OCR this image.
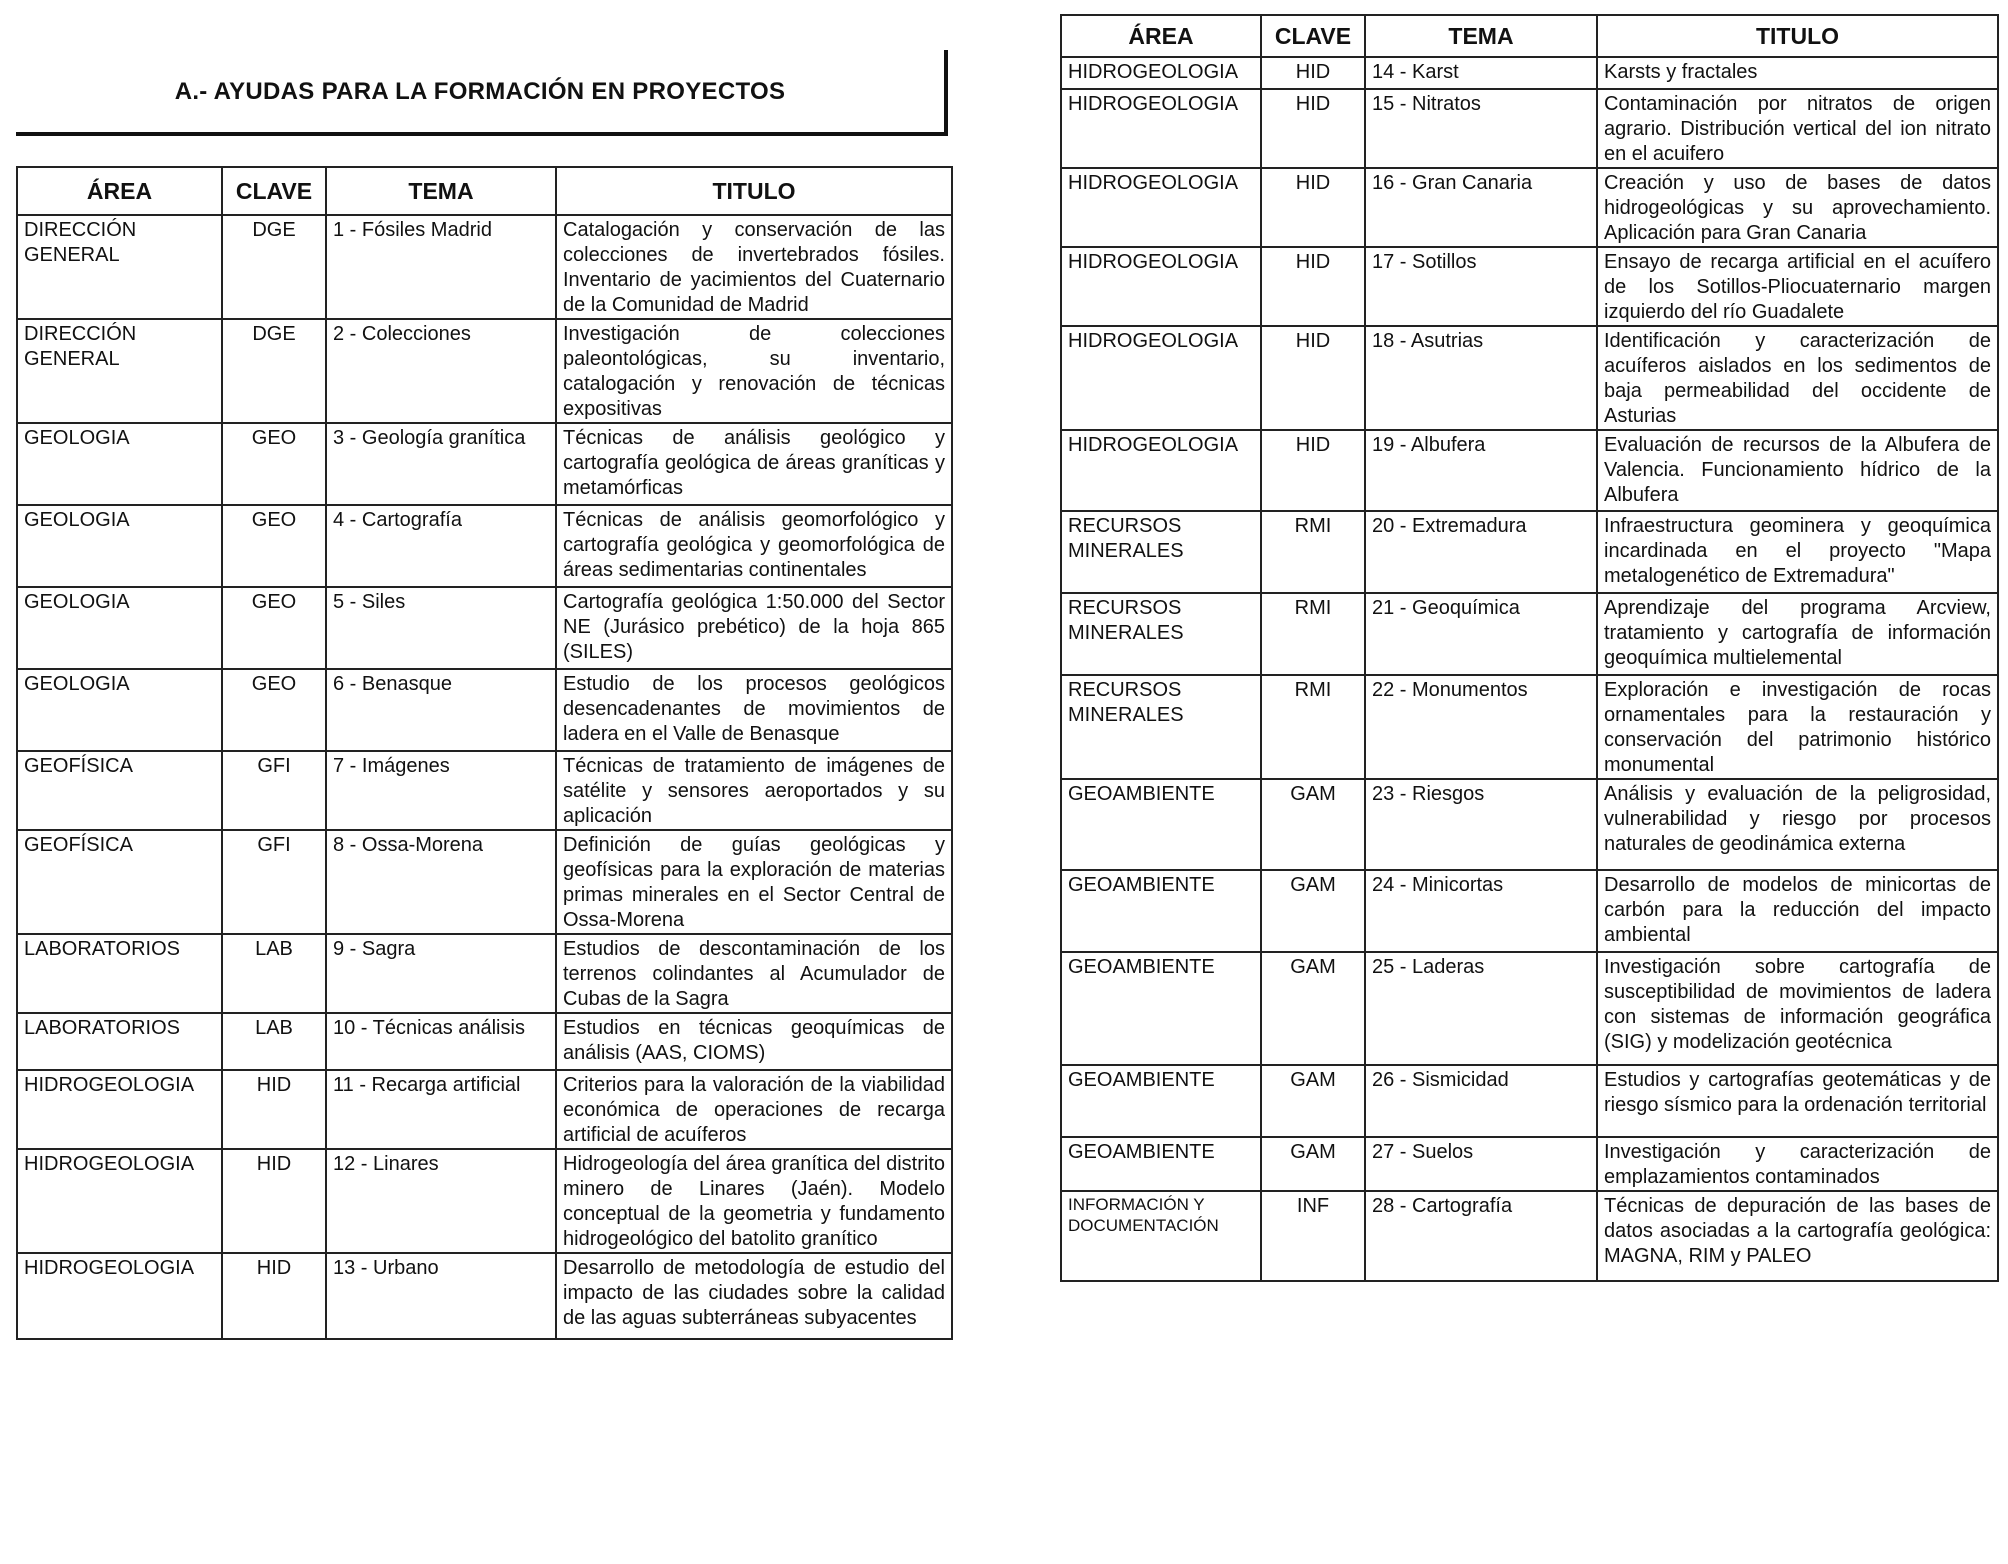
A.- AYUDAS PARA LA FORMACIÓN EN PROYECTOS
ÁREA	CLAVE	TEMA	TITULO
DIRECCIÓN GENERAL	DGE	1 - Fósiles Madrid	Catalogación y conservación de las colecciones de invertebrados fósiles. Inventario de yacimientos del Cuaternario de la Comunidad de Madrid
DIRECCIÓN GENERAL	DGE	2 - Colecciones	Investigación de colecciones paleontológicas, su inventario, catalogación y renovación de técnicas expositivas
GEOLOGIA	GEO	3 - Geología granítica	Técnicas de análisis geológico y cartografía geológica de áreas graníticas y metamórficas
GEOLOGIA	GEO	4 - Cartografía	Técnicas de análisis geomorfológico y cartografía geológica y geomorfológica de áreas sedimentarias continentales
GEOLOGIA	GEO	5 - Siles	Cartografía geológica 1:50.000 del Sector NE (Jurásico prebético) de la hoja 865 (SILES)
GEOLOGIA	GEO	6 - Benasque	Estudio de los procesos geológicos desencadenantes de movimientos de ladera en el Valle de Benasque
GEOFÍSICA	GFI	7 - Imágenes	Técnicas de tratamiento de imágenes de satélite y sensores aeroportados y su aplicación
GEOFÍSICA	GFI	8 - Ossa-Morena	Definición de guías geológicas y geofísicas para la exploración de materias primas minerales en el Sector Central de Ossa-Morena
LABORATORIOS	LAB	9 - Sagra	Estudios de descontaminación de los terrenos colindantes al Acumulador de Cubas de la Sagra
LABORATORIOS	LAB	10 - Técnicas análisis	Estudios en técnicas geoquímicas de análisis (AAS, CIOMS)
HIDROGEOLOGIA	HID	11 - Recarga artificial	Criterios para la valoración de la viabilidad económica de operaciones de recarga artificial de acuíferos
HIDROGEOLOGIA	HID	12 - Linares	Hidrogeología del área granítica del distrito minero de Linares (Jaén). Modelo conceptual de la geometria y fundamento hidrogeológico del batolito granítico
HIDROGEOLOGIA	HID	13 - Urbano	Desarrollo de metodología de estudio del impacto de las ciudades sobre la calidad de las aguas subterráneas subyacentes
ÁREA	CLAVE	TEMA	TITULO
HIDROGEOLOGIA	HID	14 - Karst	Karsts y fractales
HIDROGEOLOGIA	HID	15 - Nitratos	Contaminación por nitratos de origen agrario. Distribución vertical del ion nitrato en el acuifero
HIDROGEOLOGIA	HID	16 - Gran Canaria	Creación y uso de bases de datos hidrogeológicas y su aprovechamiento. Aplicación para Gran Canaria
HIDROGEOLOGIA	HID	17 - Sotillos	Ensayo de recarga artificial en el acuífero de los Sotillos-Pliocuaternario margen izquierdo del río Guadalete
HIDROGEOLOGIA	HID	18 - Asutrias	Identificación y caracterización de acuíferos aislados en los sedimentos de baja permeabilidad del occidente de Asturias
HIDROGEOLOGIA	HID	19 - Albufera	Evaluación de recursos de la Albufera de Valencia. Funcionamiento hídrico de la Albufera
RECURSOS MINERALES	RMI	20 - Extremadura	Infraestructura geominera y geoquímica incardinada en el proyecto "Mapa metalogenético de Extremadura"
RECURSOS MINERALES	RMI	21 - Geoquímica	Aprendizaje del programa Arcview, tratamiento y cartografía de información geoquímica multielemental
RECURSOS MINERALES	RMI	22 - Monumentos	Exploración e investigación de rocas ornamentales para la restauración y conservación del patrimonio histórico monumental
GEOAMBIENTE	GAM	23 - Riesgos	Análisis y evaluación de la peligrosidad, vulnerabilidad y riesgo por procesos naturales de geodinámica externa
GEOAMBIENTE	GAM	24 - Minicortas	Desarrollo de modelos de minicortas de carbón para la reducción del impacto ambiental
GEOAMBIENTE	GAM	25 - Laderas	Investigación sobre cartografía de susceptibilidad de movimientos de ladera con sistemas de información geográfica (SIG) y modelización geotécnica
GEOAMBIENTE	GAM	26 - Sismicidad	Estudios y cartografías geotemáticas y de riesgo sísmico para la ordenación territorial
GEOAMBIENTE	GAM	27 - Suelos	Investigación y caracterización de emplazamientos contaminados
INFORMACIÓN Y DOCUMENTACIÓN	INF	28 - Cartografía	Técnicas de depuración de las bases de datos asociadas a la cartografía geológica: MAGNA, RIM y PALEO
